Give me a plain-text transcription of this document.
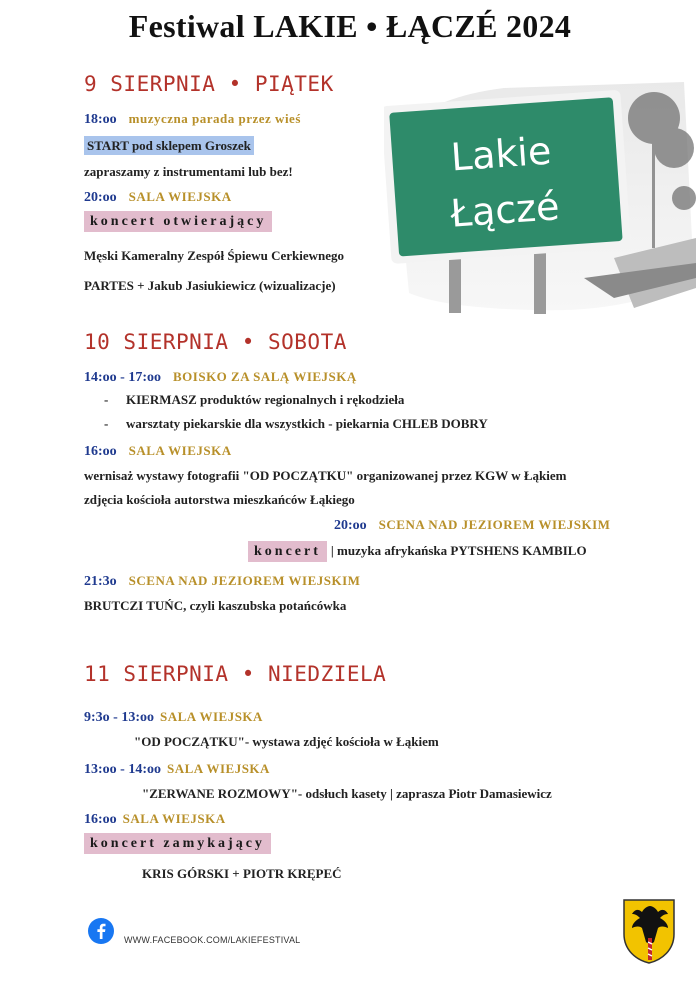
Festiwal LAKIE • ŁĄCZÉ 2024
Lakie
Łączé
9 SIERPNIA • PIĄTEK
18:oo muzyczna parada przez wieś
START pod sklepem Groszek
zapraszamy z instrumentami lub bez!
20:oo SALA WIEJSKA
koncert otwierający
Męski Kameralny Zespół Śpiewu Cerkiewnego
PARTES + Jakub Jasiukiewicz (wizualizacje)
10 SIERPNIA • SOBOTA
14:oo - 17:oo BOISKO ZA SALĄ WIEJSKĄ
- KIERMASZ produktów regionalnych i rękodzieła
- warsztaty piekarskie dla wszystkich - piekarnia CHLEB DOBRY
16:oo SALA WIEJSKA
wernisaż wystawy fotografii "OD POCZĄTKU" organizowanej przez KGW w Łąkiem
zdjęcia kościoła autorstwa mieszkańców Łąkiego
20:oo SCENA NAD JEZIOREM WIEJSKIM
koncert | muzyka afrykańska PYTSHENS KAMBILO
21:3o SCENA NAD JEZIOREM WIEJSKIM
BRUTCZI TUŃC, czyli kaszubska potańcówka
11 SIERPNIA • NIEDZIELA
9:3o - 13:oo SALA WIEJSKA
"OD POCZĄTKU"- wystawa zdjęć kościoła w Łąkiem
13:oo - 14:oo SALA WIEJSKA
"ZERWANE ROZMOWY"- odsłuch kasety | zaprasza Piotr Damasiewicz
16:oo SALA WIEJSKA
koncert zamykający
KRIS GÓRSKI + PIOTR KRĘPEĆ
WWW.FACEBOOK.COM/LAKIEFESTIVAL
